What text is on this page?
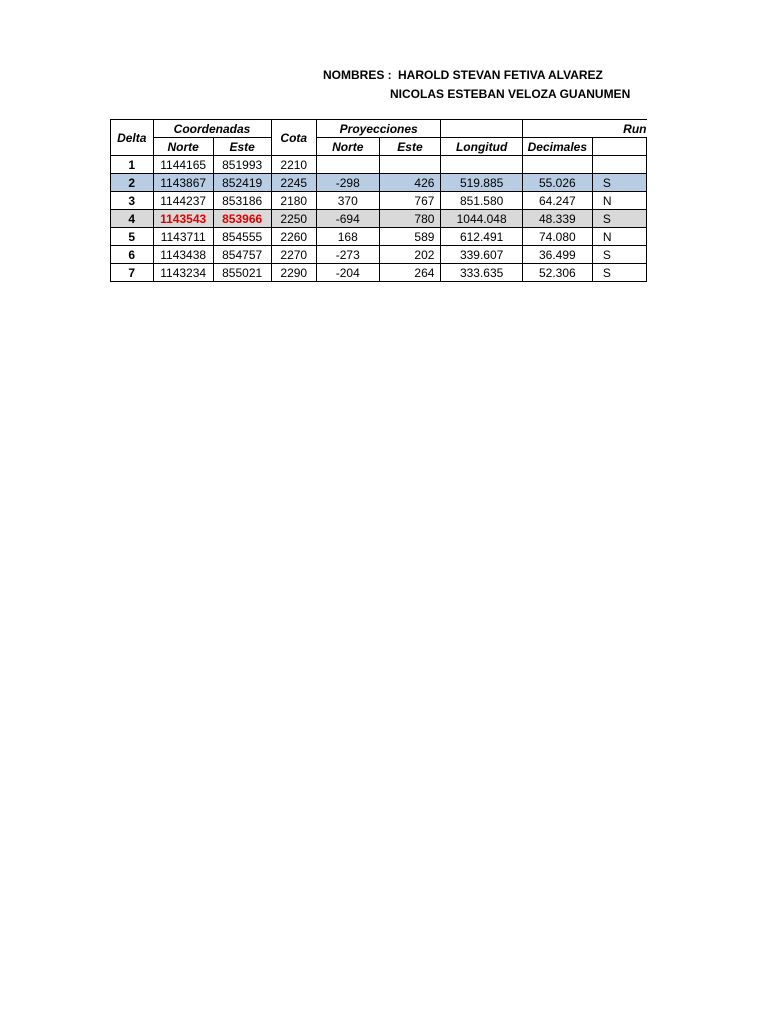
NOMBRES : HAROLD STEVAN FETIVA ALVAREZ
NICOLAS ESTEBAN VELOZA GUANUMEN
Delta	Coordenadas		Cota	Proyecciones			Run	
	Norte	Este		Norte	Este	Longitud	Decimales	
1	1144165	851993	2210					
2	1143867	852419	2245	-298	426	519.885	55.026	S
3	1144237	853186	2180	370	767	851.580	64.247	N
4	1143543	853966	2250	-694	780	1044.048	48.339	S
5	1143711	854555	2260	168	589	612.491	74.080	N
6	1143438	854757	2270	-273	202	339.607	36.499	S
7	1143234	855021	2290	-204	264	333.635	52.306	S
